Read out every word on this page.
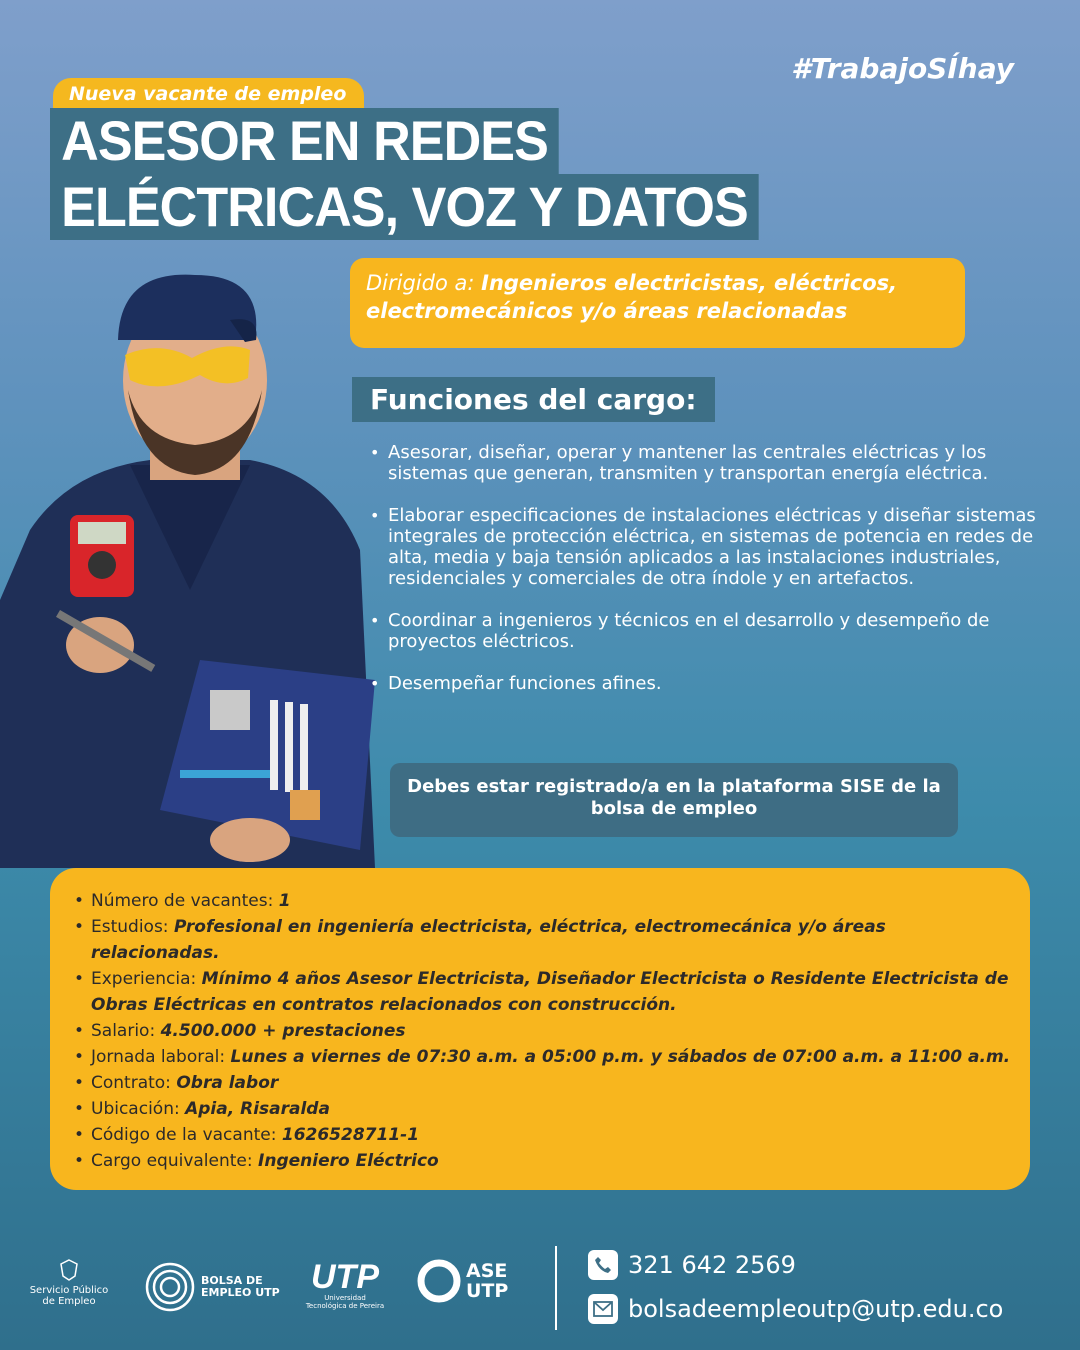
#TrabajoSÍhay
Nueva vacante de empleo
ASESOR EN REDES
ELÉCTRICAS, VOZ Y DATOS
Dirigido a: Ingenieros electricistas, eléctricos, electromecánicos y/o áreas relacionadas
Funciones del cargo:
• Asesorar, diseñar, operar y mantener las centrales eléctricas y los sistemas que generan, transmiten y transportan energía eléctrica.
• Elaborar especificaciones de instalaciones eléctricas y diseñar sistemas integrales de protección eléctrica, en sistemas de potencia en redes de alta, media y baja tensión aplicados a las instalaciones industriales, residenciales y comerciales de otra índole y en artefactos.
• Coordinar a ingenieros y técnicos en el desarrollo y desempeño de proyectos eléctricos.
• Desempeñar funciones afines.
Debes estar registrado/a en la plataforma SISE de la bolsa de empleo
• Número de vacantes: 1
• Estudios: Profesional en ingeniería electricista, eléctrica, electromecánica y/o áreas relacionadas.
• Experiencia: Mínimo 4 años Asesor Electricista, Diseñador Electricista o Residente Electricista de Obras Eléctricas en contratos relacionados con construcción.
• Salario: 4.500.000 + prestaciones
• Jornada laboral: Lunes a viernes de 07:30 a.m. a 05:00 p.m. y sábados de 07:00 a.m. a 11:00 a.m.
• Contrato: Obra labor
• Ubicación: Apia, Risaralda
• Código de la vacante: 1626528711-1
• Cargo equivalente: Ingeniero Eléctrico
Servicio Público de Empleo
BOLSA DE
EMPLEO UTP UTP
Universidad Tecnológica de Pereira
ASE
UTP
321 642 2569
bolsadeempleoutp@utp.edu.co
